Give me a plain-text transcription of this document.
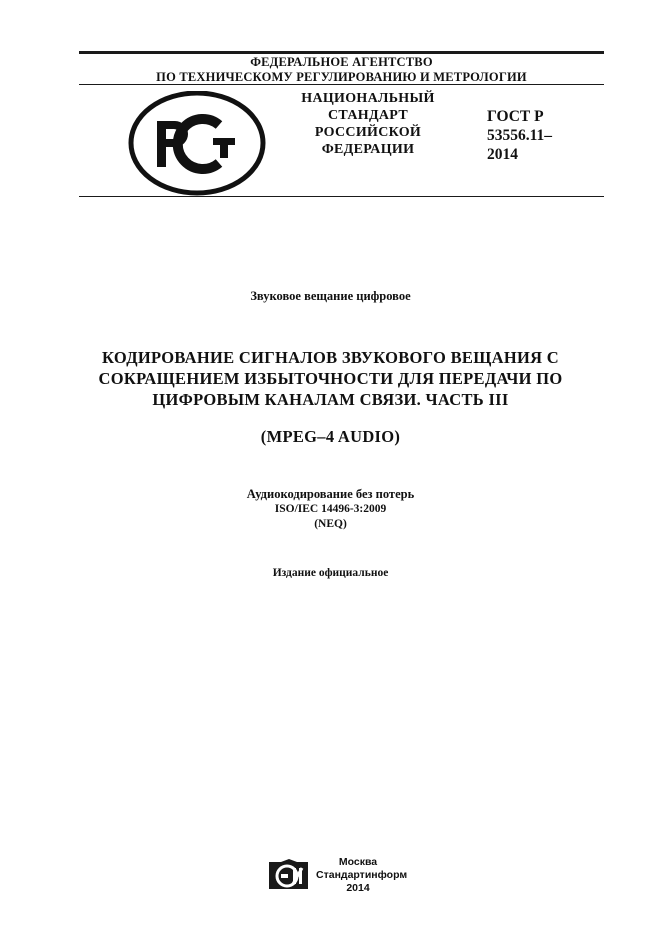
ФЕДЕРАЛЬНОЕ АГЕНТСТВО
ПО ТЕХНИЧЕСКОМУ РЕГУЛИРОВАНИЮ И МЕТРОЛОГИИ
НАЦИОНАЛЬНЫЙ
СТАНДАРТ
РОССИЙСКОЙ
ФЕДЕРАЦИИ
ГОСТ Р
53556.11–
2014
Звуковое вещание цифровое
КОДИРОВАНИЕ СИГНАЛОВ ЗВУКОВОГО ВЕЩАНИЯ С
СОКРАЩЕНИЕМ ИЗБЫТОЧНОСТИ ДЛЯ ПЕРЕДАЧИ ПО
ЦИФРОВЫМ КАНАЛАМ СВЯЗИ. ЧАСТЬ III
(MPEG–4 AUDIO)
Аудиокодирование без потерь
ISO/IEC 14496-3:2009
(NEQ)
Издание официальное
Москва
Стандартинформ
2014
